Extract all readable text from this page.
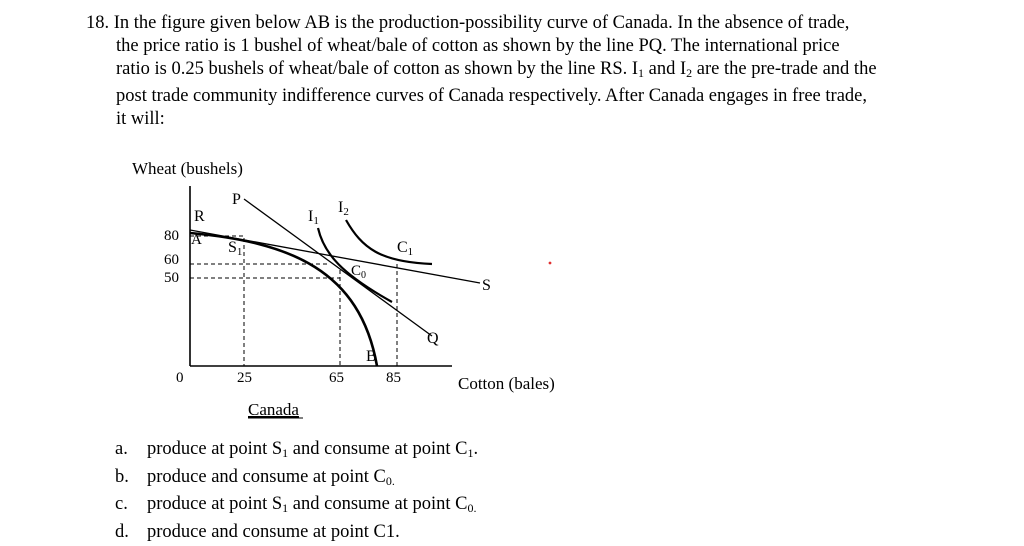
18. In the figure given below AB is the production-possibility curve of Canada. In the absence of trade,
the price ratio is 1 bushel of wheat/bale of cotton as shown by the line PQ. The international price
ratio is 0.25 bushels of wheat/bale of cotton as shown by the line RS. $I_1$ and $I_2$ are the pre-trade and the
post trade community indifference curves of Canada respectively. After Canada engages in free trade,
it will:
Wheat (bushels)
P
R
A S1
I1
I2
$C_0$
C1
S
Q
B
80
60
50
0	25	65	85	Cotton (bales)
Canada
a.	produce at point $S_1$ and consume at point $C_1$.
b. produce and consume at point $C_{0.}$
c.	produce at point $S_1$ and consume at point $C_{0.}$
d. produce and consume at point C1.
